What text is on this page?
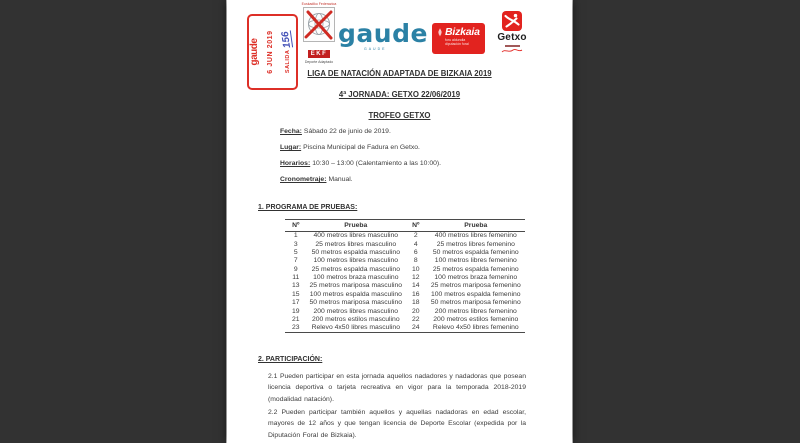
gaude 6 JUN 2019 SALIDA
156
Euskadiko Federazioa
EKF
Deporte Adaptado
gaude
GAUDE
Bizkaia
foru aldundia
diputación foral
Getxo
LIGA DE NATACIÓN ADAPTADA DE BIZKAIA 2019
4ª JORNADA: GETXO 22/06/2019
TROFEO GETXO
Fecha: Sábado 22 de junio de 2019.
Lugar: Piscina Municipal de Fadura en Getxo.
Horarios: 10:30 – 13:00 (Calentamiento a las 10:00).
Cronometraje: Manual.
1. PROGRAMA DE PRUEBAS:
Nº	Prueba	Nº	Prueba
1	400 metros libres masculino	2	400 metros libres femenino
3	25 metros libres masculino	4	25 metros libres femenino
5	50 metros espalda masculino	6	50 metros espalda femenino
7	100 metros libres masculino	8	100 metros libres femenino
9	25 metros espalda masculino	10	25 metros espalda femenino
11	100 metros braza masculino	12	100 metros braza femenino
13	25 metros mariposa masculino	14	25 metros mariposa femenino
15	100 metros espalda masculino	16	100 metros espalda femenino
17	50 metros mariposa masculino	18	50 metros mariposa femenino
19	200 metros libres masculino	20	200 metros libres femenino
21	200 metros estilos masculino	22	200 metros estilos femenino
23	Relevo 4x50 libres masculino	24	Relevo 4x50 libres femenino
2. PARTICIPACIÓN:

2.1 Pueden participar en esta jornada aquellos nadadores y nadadoras que posean licencia deportiva o tarjeta recreativa en vigor para la temporada 2018-2019 (modalidad natación).

2.2 Pueden participar también aquellos y aquellas nadadoras en edad escolar, mayores de 12 años y que tengan licencia de Deporte Escolar (expedida por la Diputación Foral de Bizkaia).
